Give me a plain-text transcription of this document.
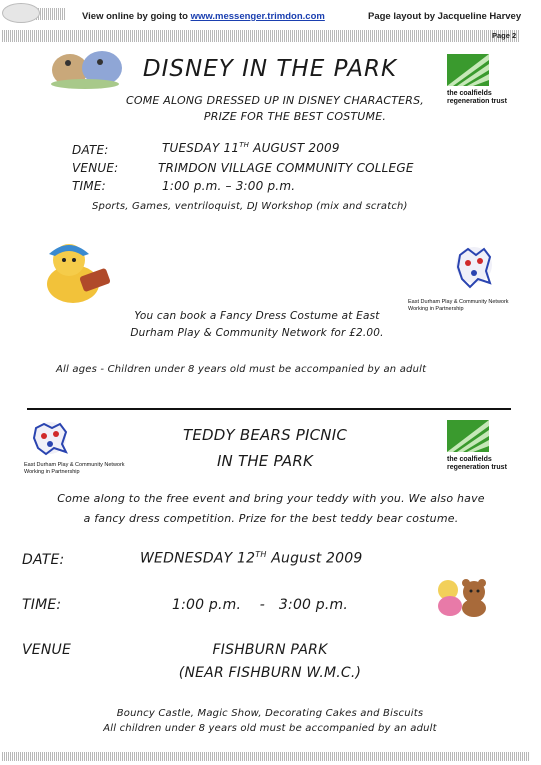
View online by going to www.messenger.trimdon.com	Page layout by Jacqueline Harvey
Page 2
DISNEY IN THE PARK
the coalfields
regeneration trust
COME ALONG DRESSED UP IN DISNEY CHARACTERS,
PRIZE FOR THE BEST COSTUME.
DATE:	TUESDAY 11TH AUGUST 2009
VENUE:	TRIMDON VILLAGE COMMUNITY COLLEGE
TIME:	1:00 p.m. – 3:00 p.m.
Sports, Games, ventriloquist, DJ Workshop (mix and scratch)
East Durham Play & Community Network
Working in Partnership
You can book a Fancy Dress Costume at East
Durham Play & Community Network for £2.00.
All ages - Children under 8 years old must be accompanied by an adult
East Durham Play & Community Network
Working in Partnership
TEDDY BEARS PICNIC
IN THE PARK	the coalfields
regeneration trust
Come along to the free event and bring your teddy with you. We also have
a fancy dress competition. Prize for the best teddy bear costume.
DATE:	WEDNESDAY 12TH August 2009
TIME:	1:00 p.m.    -   3:00 p.m.
VENUE	FISHBURN PARK
(NEAR FISHBURN W.M.C.)
Bouncy Castle, Magic Show, Decorating Cakes and Biscuits
All children under 8 years old must be accompanied by an adult
